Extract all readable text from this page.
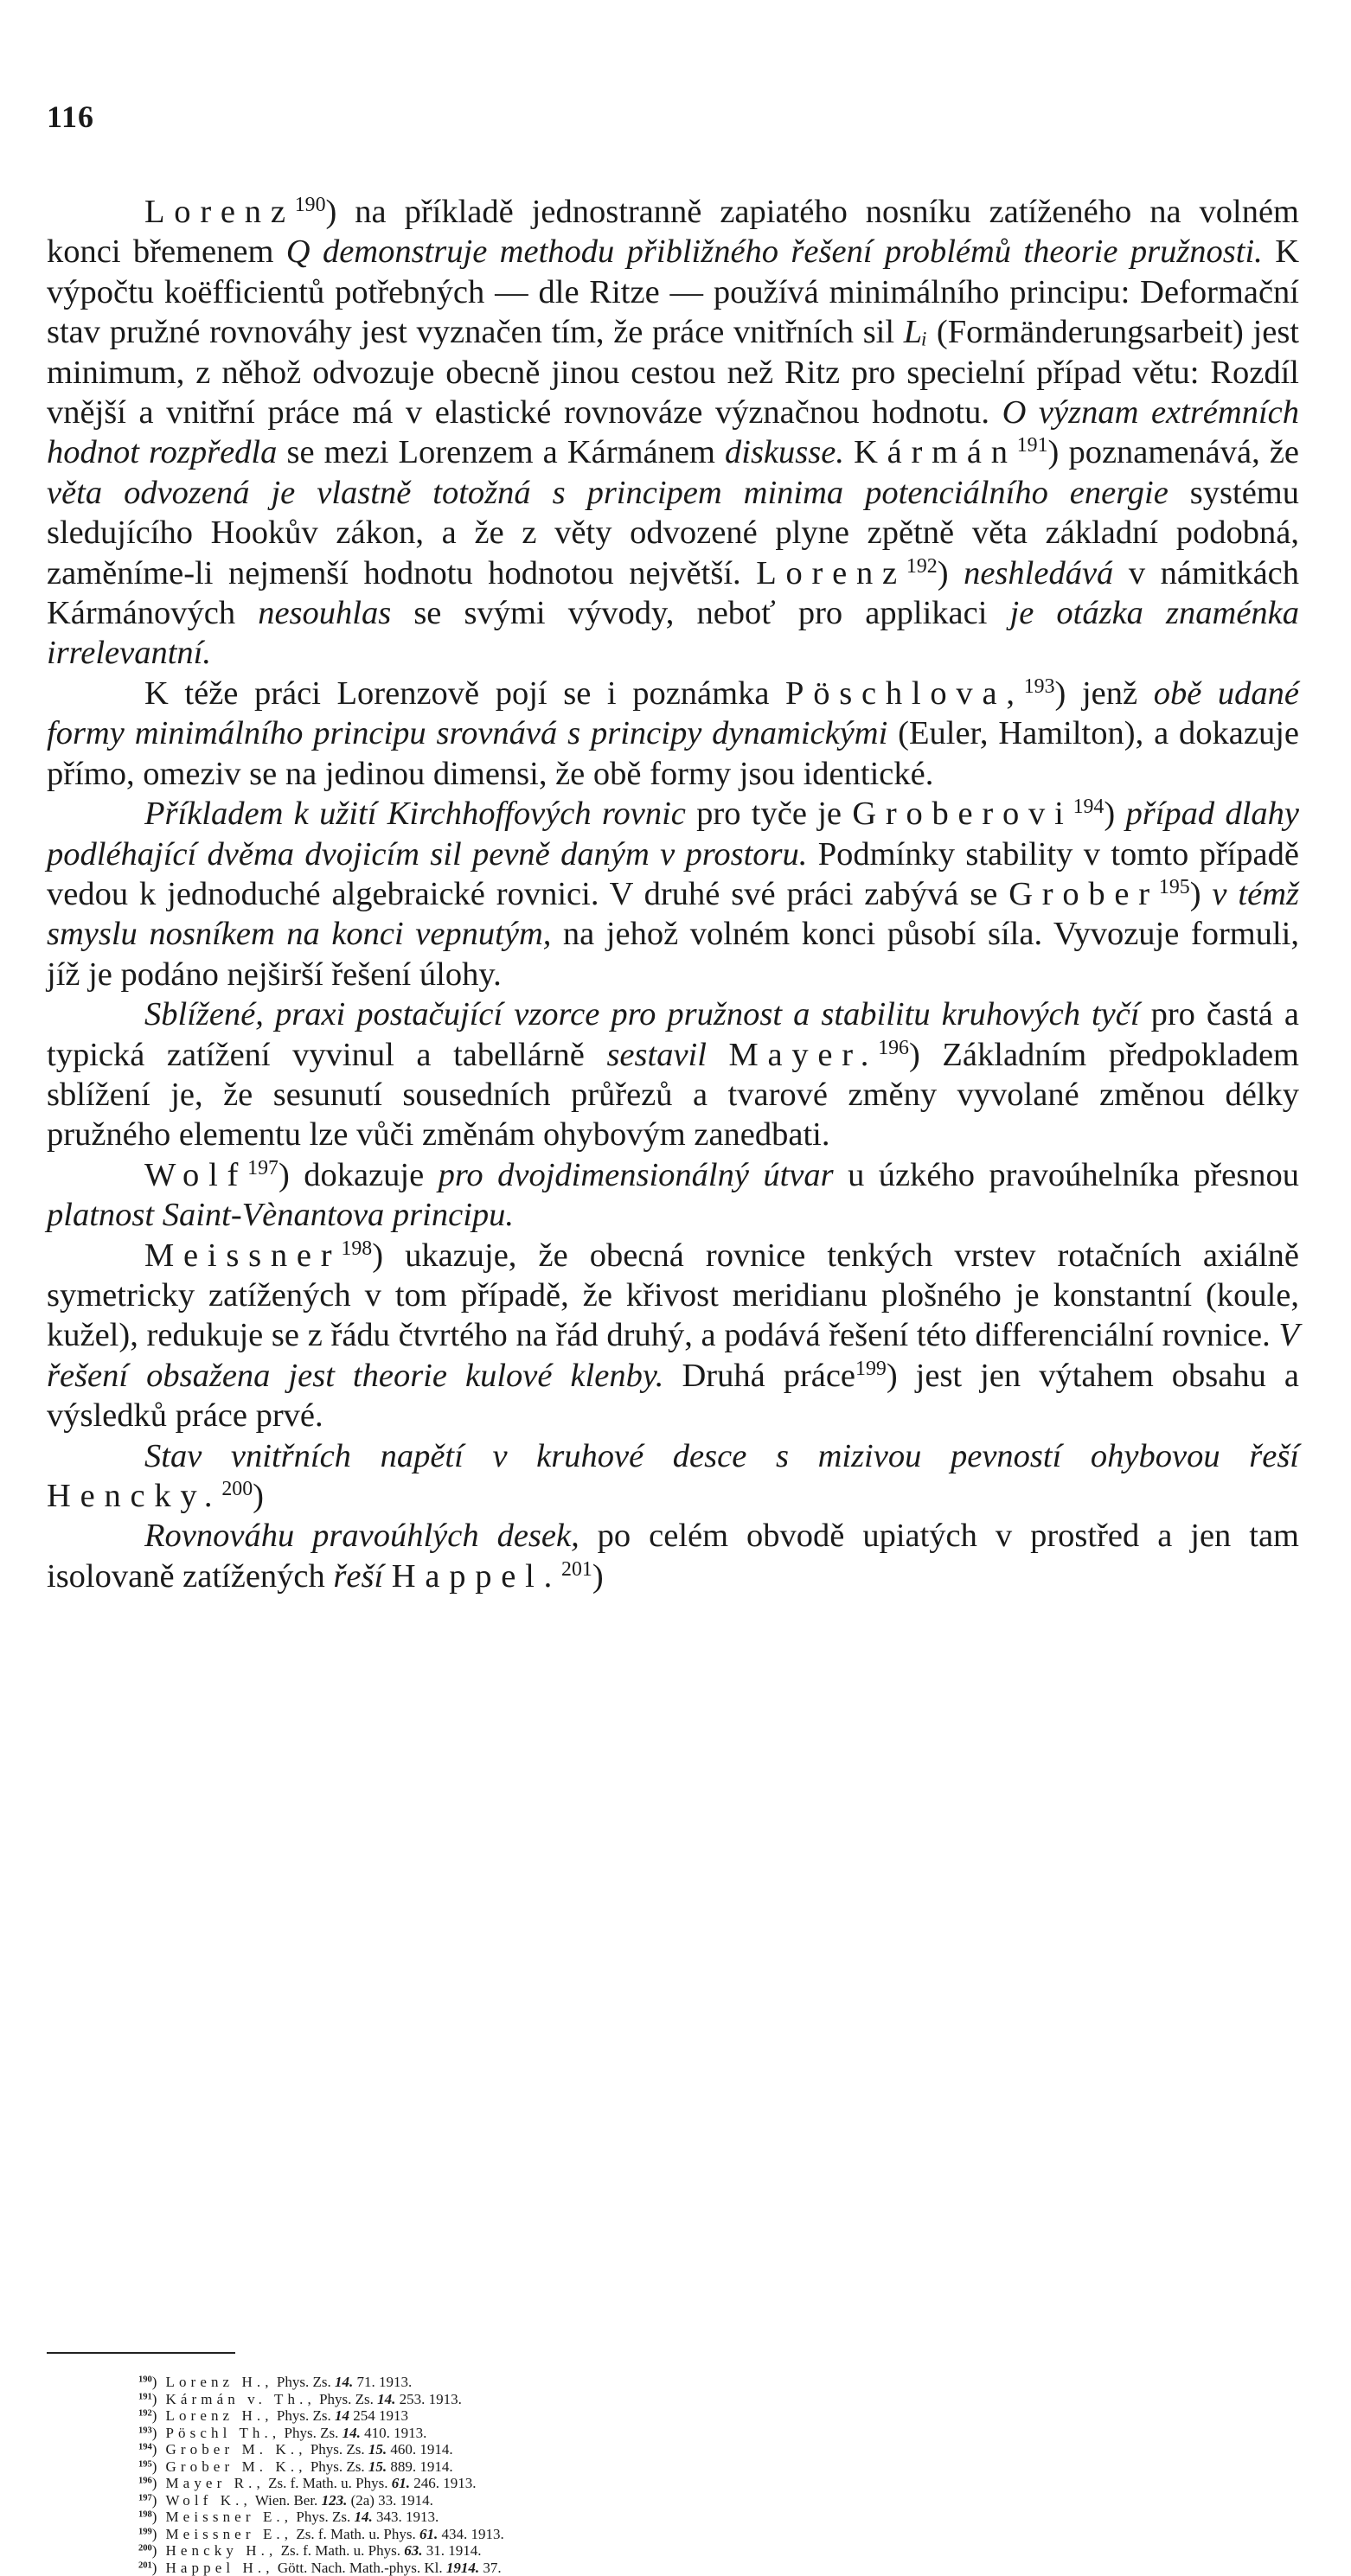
116

Lorenz$^{190}$) na příkladě jednostranně zapiatého nosníku zatíženého na volném konci břemenem Q demonstruje methodu přibližného řešení problémů theorie pružnosti. K výpočtu koëfficientů potřebných — dle Ritze — používá minimálního principu: Deformační stav pružné rovnováhy jest vyznačen tím, že práce vnitřních sil Lᵢ (Formänderungsarbeit) jest minimum, z něhož odvozuje obecně jinou cestou než Ritz pro specielní případ větu: Rozdíl vnější a vnitřní práce má v elastické rovnováze význačnou hodnotu. O význam extrémních hodnot rozpředla se mezi Lorenzem a Kármánem diskusse. Kármán$^{191}$) poznamenává, že věta odvozená je vlastně totožná s principem minima potenciálního energie systému sledujícího Hookův zákon, a že z věty odvozené plyne zpětně věta základní podobná, zaměníme-li nejmenší hodnotu hodnotou největší. Lorenz$^{192}$) neshledává v námitkách Kármánových nesouhlas se svými vývody, neboť pro applikaci je otázka znaménka irrelevantní.

K téže práci Lorenzově pojí se i poznámka Pöschlova,$^{193}$) jenž obě udané formy minimálního principu srovnává s principy dynamickými (Euler, Hamilton), a dokazuje přímo, omeziv se na jedinou dimensi, že obě formy jsou identické.

Příkladem k užití Kirchhoffových rovnic pro tyče je Groberovi$^{194}$) případ dlahy podléhající dvěma dvojicím sil pevně daným v prostoru. Podmínky stability v tomto případě vedou k jednoduché algebraické rovnici. V druhé své práci zabývá se Grober$^{195}$) v témž smyslu nosníkem na konci vepnutým, na jehož volném konci působí síla. Vyvozuje formuli, jíž je podáno nejširší řešení úlohy.

Sblížené, praxi postačující vzorce pro pružnost a stabilitu kruhových tyčí pro častá a typická zatížení vyvinul a tabellárně sestavil Mayer.$^{196}$) Základním předpokladem sblížení je, že sesunutí sousedních průřezů a tvarové změny vyvolané změnou délky pružného elementu lze vůči změnám ohybovým zanedbati.

Wolf$^{197}$) dokazuje pro dvojdimensionálný útvar u úzkého pravoúhelníka přesnou platnost Saint-Vènantova principu.

Meissner$^{198}$) ukazuje, že obecná rovnice tenkých vrstev rotačních axiálně symetricky zatížených v tom případě, že křivost meridianu plošného je konstantní (koule, kužel), redukuje se z řádu čtvrtého na řád druhý, a podává řešení této differenciální rovnice. V řešení obsažena jest theorie kulové klenby. Druhá práce$^{199}$) jest jen výtahem obsahu a výsledků práce prvé.

Stav vnitřních napětí v kruhové desce s mizivou pevností ohybovou řeší Hencky.$^{200}$)

Rovnováhu pravoúhlých desek, po celém obvodě upiatých v prostřed a jen tam isolovaně zatížených řeší Happel.$^{201}$)

$^{190}$) Lorenz H., Phys. Zs. 14. 71. 1913.
$^{191}$) Kármán v. Th., Phys. Zs. 14. 253. 1913.
$^{192}$) Lorenz H., Phys. Zs. 14 254 1913
$^{193}$) Pöschl Th., Phys. Zs. 14. 410. 1913.
$^{194}$) Grober M. K., Phys. Zs. 15. 460. 1914.
$^{195}$) Grober M. K., Phys. Zs. 15. 889. 1914.
$^{196}$) Mayer R., Zs. f. Math. u. Phys. 61. 246. 1913.
$^{197}$) Wolf K., Wien. Ber. 123. (2a) 33. 1914.
$^{198}$) Meissner E., Phys. Zs. 14. 343. 1913.
$^{199}$) Meissner E., Zs. f. Math. u. Phys. 61. 434. 1913.
$^{200}$) Hencky H., Zs. f. Math. u. Phys. 63. 31. 1914.
$^{201}$) Happel H., Gött. Nach. Math.-phys. Kl. 1914. 37.
